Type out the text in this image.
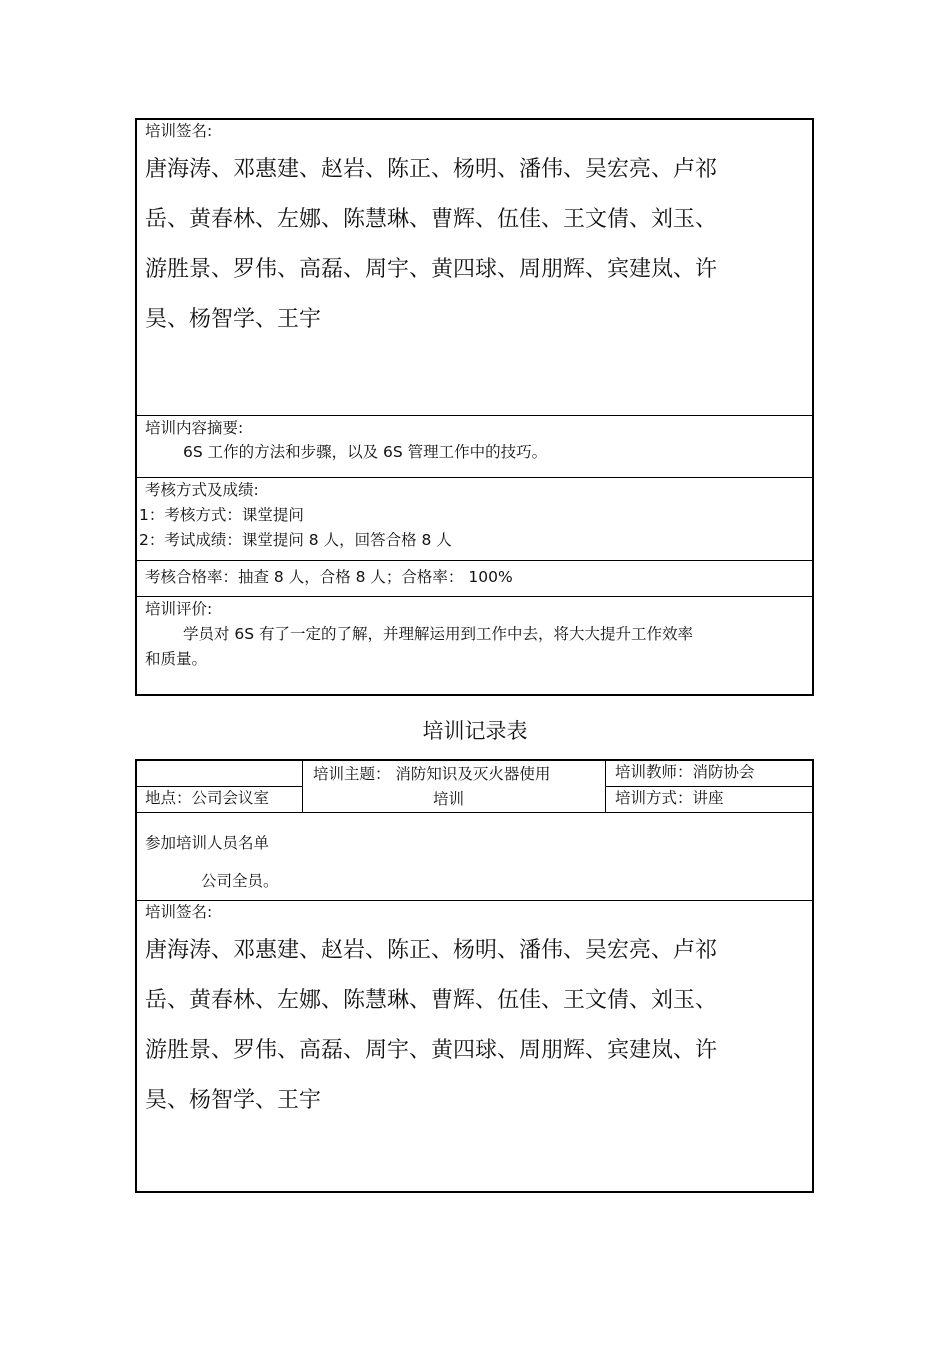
培训签名:

唐海涛、邓惠建、赵岩、陈正、杨明、潘伟、吴宏亮、卢祁

岳、黄春林、左娜、陈慧琳、曹辉、伍佳、王文倩、刘玉、

游胜景、罗伟、高磊、周宇、黄四球、周朋辉、宾建岚、许

昊、杨智学、王宇

培训内容摘要:
6S 工作的方法和步骤，以及 6S 管理工作中的技巧。
考核方式及成绩:
1：考核方式：课堂提问
2：考试成绩：课堂提问 8 人，回答合格 8 人
考核合格率：抽查 8 人，合格 8 人；合格率： 100%
培训评价:
学员对 6S 有了一定的了解，并理解运用到工作中去，将大大提升工作效率
和质量。
培训记录表
地点：公司会议室
培训主题： 消防知识及灭火器使用
培训
培训教师：消防协会
培训方式：讲座
参加培训人员名单
公司全员。
培训签名:

唐海涛、邓惠建、赵岩、陈正、杨明、潘伟、吴宏亮、卢祁

岳、黄春林、左娜、陈慧琳、曹辉、伍佳、王文倩、刘玉、

游胜景、罗伟、高磊、周宇、黄四球、周朋辉、宾建岚、许

昊、杨智学、王宇
